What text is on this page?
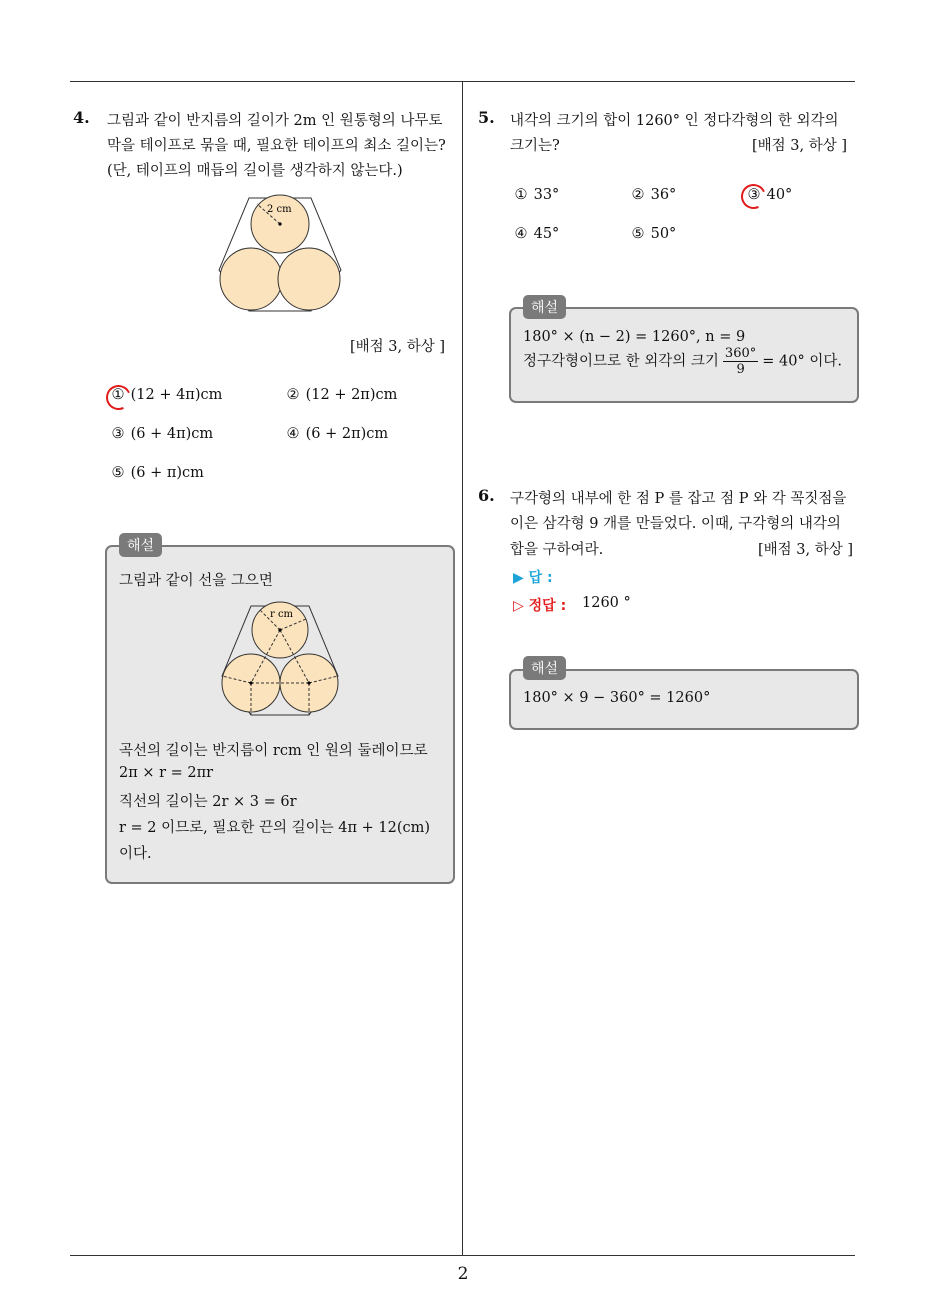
2
4. 그림과 같이 반지름의 길이가 2m 인 원통형의 나무토
막을 테이프로 묶을 때, 필요한 테이프의 최소 길이는?
(단, 테이프의 매듭의 길이를 생각하지 않는다.)
2 cm
[배점 3, 하상 ]
① (12 + 4π)cm	② (12 + 2π)cm
③ (6 + 4π)cm	④ (6 + 2π)cm
⑤ (6 + π)cm
그림과 같이 선을 그으면
r cm
곡선의 길이는 반지름이 rcm 인 원의 둘레이므로
2π × r = 2πr
직선의 길이는 2r × 3 = 6r
r = 2 이므로, 필요한 끈의 길이는 4π + 12(cm)
이다.
해설
5. 내각의 크기의 합이 1260° 인 정다각형의 한 외각의
크기는?	[배점 3, 하상 ]
① 33°	② 36°	③ 40°
④ 45°	⑤ 50°
180° × (n − 2) = 1260°, n = 9
정구각형이므로 한 외각의 크기 $\frac{360^\circ}{9} = 40^\circ$ 이다.
해설
6. 구각형의 내부에 한 점 P 를 잡고 점 P 와 각 꼭짓점을
이은 삼각형 9 개를 만들었다. 이때, 구각형의 내각의
합을 구하여라.	[배점 3, 하상 ]
▶ 답 :
▷ 정답 : 1260 °
180° × 9 − 360° = 1260°
해설
